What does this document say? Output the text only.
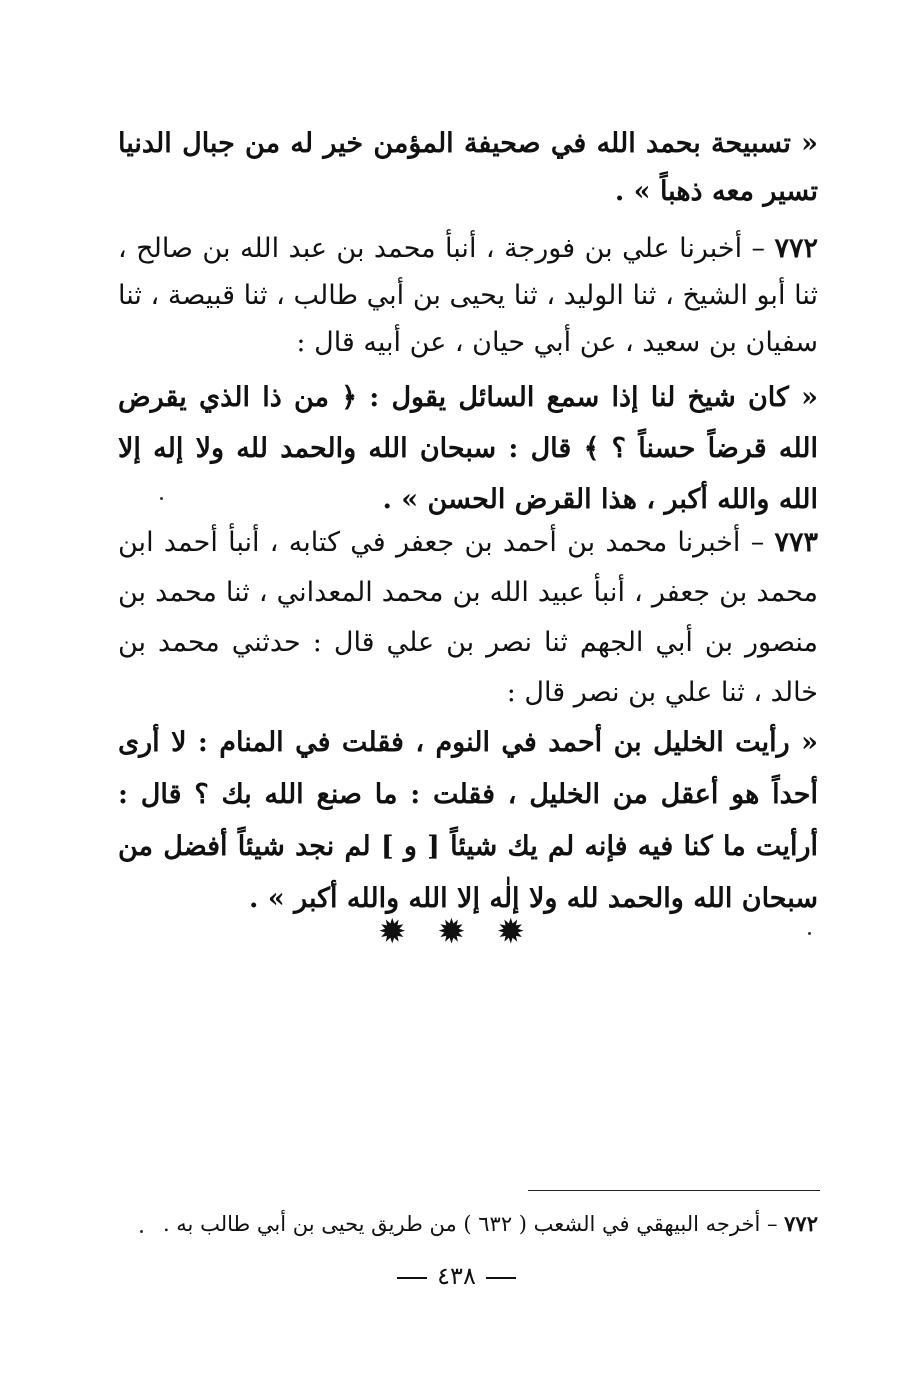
« تسبيحة بحمد الله في صحيفة المؤمن خير له من جبال الدنيا تسير معه ذهباً » .
٧٧٢ – أخبرنا علي بن فورجة ، أنبأ محمد بن عبد الله بن صالح ، ثنا أبو الشيخ ، ثنا الوليد ، ثنا يحيى بن أبي طالب ، ثنا قبيصة ، ثنا سفيان بن سعيد ، عن أبي حيان ، عن أبيه قال :
« كان شيخ لنا إذا سمع السائل يقول : ﴿ من ذا الذي يقرض الله قرضاً حسناً ؟ ﴾ قال : سبحان الله والحمد لله ولا إله إلا الله والله أكبر ، هذا القرض الحسن » .
٧٧٣ – أخبرنا محمد بن أحمد بن جعفر في كتابه ، أنبأ أحمد ابن محمد بن جعفر ، أنبأ عبيد الله بن محمد المعداني ، ثنا محمد بن منصور بن أبي الجهم ثنا نصر بن علي قال : حدثني محمد بن خالد ، ثنا علي بن نصر قال :
« رأيت الخليل بن أحمد في النوم ، فقلت في المنام : لا أرى أحداً هو أعقل من الخليل ، فقلت : ما صنع الله بك ؟ قال : أرأيت ما كنا فيه فإنه لم يك شيئاً [ و ] لم نجد شيئاً أفضل من سبحان الله والحمد لله ولا إلٰه إلا الله والله أكبر » .
✹ ✹ ✹
٧٧٢ – أخرجه البيهقي في الشعب ( ٦٣٢ ) من طريق يحيى بن أبي طالب به .
٤٣٨
